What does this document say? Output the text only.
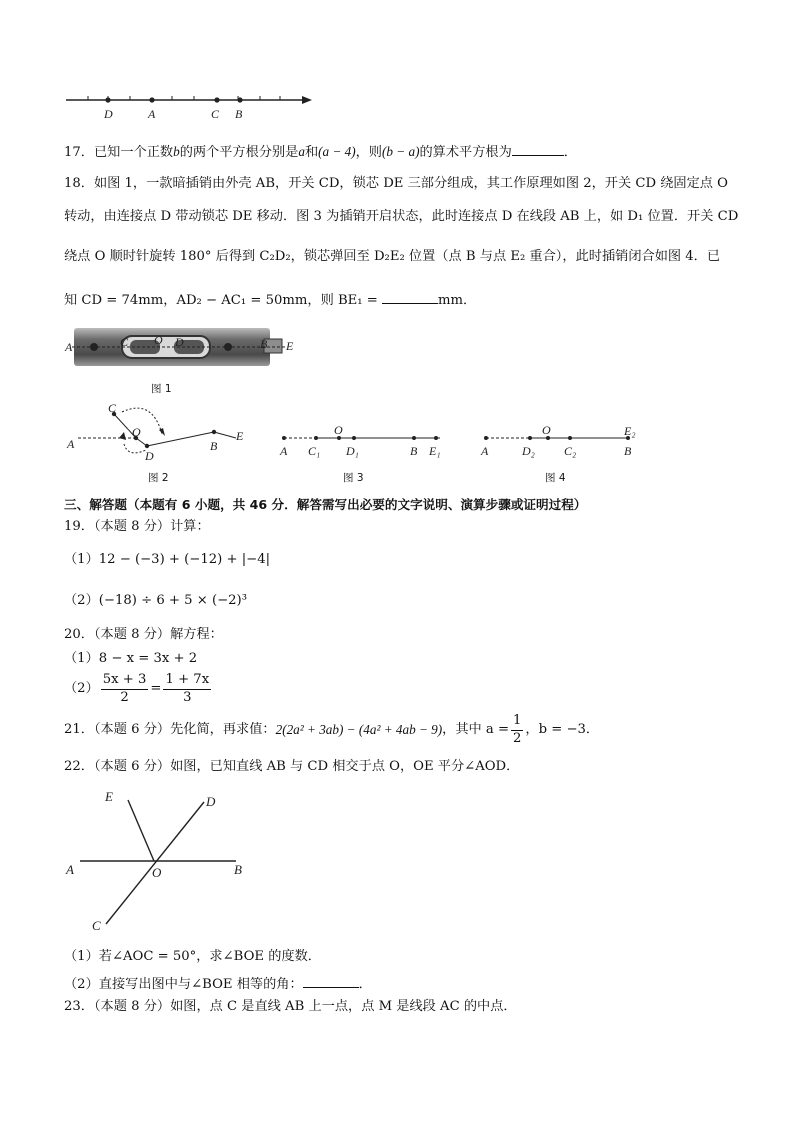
D	A	C B
17．已知一个正数b的两个平方根分别是a和(a − 4)，则(b − a)的算术平方根为	．
18．如图 1，一款暗插销由外壳 AB，开关 CD，锁芯 DE 三部分组成，其工作原理如图 2，开关 CD 绕固定点 O
转动，由连接点 D 带动锁芯 DE 移动．图 3 为插销开启状态，此时连接点 D 在线段 AB 上，如 D₁ 位置．开关 CD
绕点 O 顺时针旋转 180° 后得到 C₂D₂，锁芯弹回至 D₂E₂ 位置（点 B 与点 E₂ 重合），此时插销闭合如图 4．已
知 CD = 74mm，AD₂ − AC₁ = 50mm，则 BE₁ =	mm．
A	C O D	B E
图 1
C
O
A
D
B
E
图 2
A C₁
O
D₁	B E₁
图 3
A	D₂
O
C₂
E₂
B
图 4
三、解答题（本题有 6 小题，共 46 分．解答需写出必要的文字说明、演算步骤或证明过程）
19．（本题 8 分）计算：
（1）12 − (−3) + (−12) + |−4|
（2）(−18) ÷ 6 + 5 × (−2)³
20．（本题 8 分）解方程：
（1）8 − x = 3x + 2
$(2) \frac{5x + 3}{2} = \frac{1 + 7x}{3}$
21．（本题 6 分）先化简，再求值： 2(2a² + 3ab) − (4a² + 4ab − 9) ，其中 $a = \frac{1}{2}$ ，b = −3．
22．（本题 6 分）如图，已知直线 AB 与 CD 相交于点 O，OE 平分∠AOD．
E	D
A	O	B
C
（1）若∠AOC = 50°，求∠BOE 的度数．
（2）直接写出图中与∠BOE 相等的角：	．
23．（本题 8 分）如图，点 C 是直线 AB 上一点，点 M 是线段 AC 的中点．
